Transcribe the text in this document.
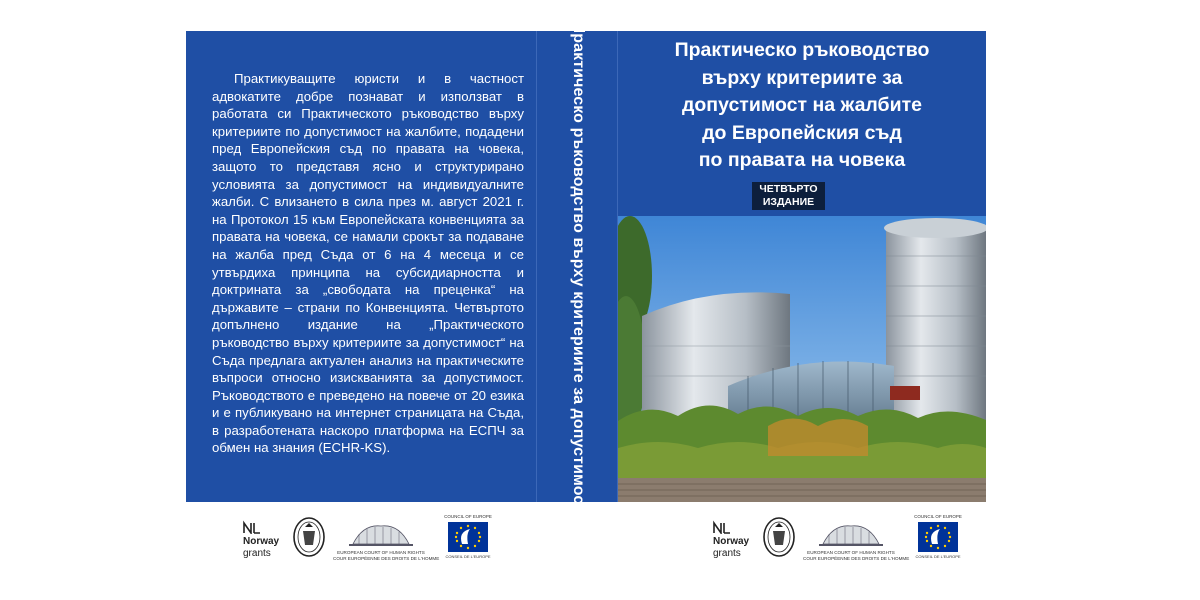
Практикуващите юристи и в частност адвокатите добре познават и използват в работата си Практическото ръководство върху критериите по допустимост на жалбите, подадени пред Европейския съд по правата на човека, защото то представя ясно и структурирано условията за допустимост на индивидуалните жалби. С влизането в сила през м. август 2021 г. на Протокол 15 към Европейската конвенцията за правата на човека, се намали срокът за подаване на жалба пред Съда от 6 на 4 месеца и се утвърдиха принципа на субсидиарността и доктрината за „свободата на преценка“ на държавите – страни по Конвенцията. Четвъртото допълнено издание на „Практическото ръководство върху критериите за допустимост“ на Съда предлага актуален анализ на практическите въпроси относно изискванията за допустимост. Ръководството е преведено на повече от 20 езика и е публикувано на интернет страницата на Съда, в разработената наскоро платформа на ЕСПЧ за обмен на знания (ECHR-KS).	Практическо ръководство върху критериите за допустимост	Практическо ръководство
върху критериите за
допустимост на жалбите
до Европейския съд
по правата на човека
ЧЕТВЪРТО
ИЗДАНИЕ
Norway
grants	EUROPEAN COURT OF HUMAN RIGHTS
COUR EUROPÉENNE DES DROITS DE L'HOMME
COUNCIL OF EUROPE
CONSEIL DE L'EUROPE
Norway
grants	EUROPEAN COURT OF HUMAN RIGHTS
COUR EUROPÉENNE DES DROITS DE L'HOMME
COUNCIL OF EUROPE
CONSEIL DE L'EUROPE
